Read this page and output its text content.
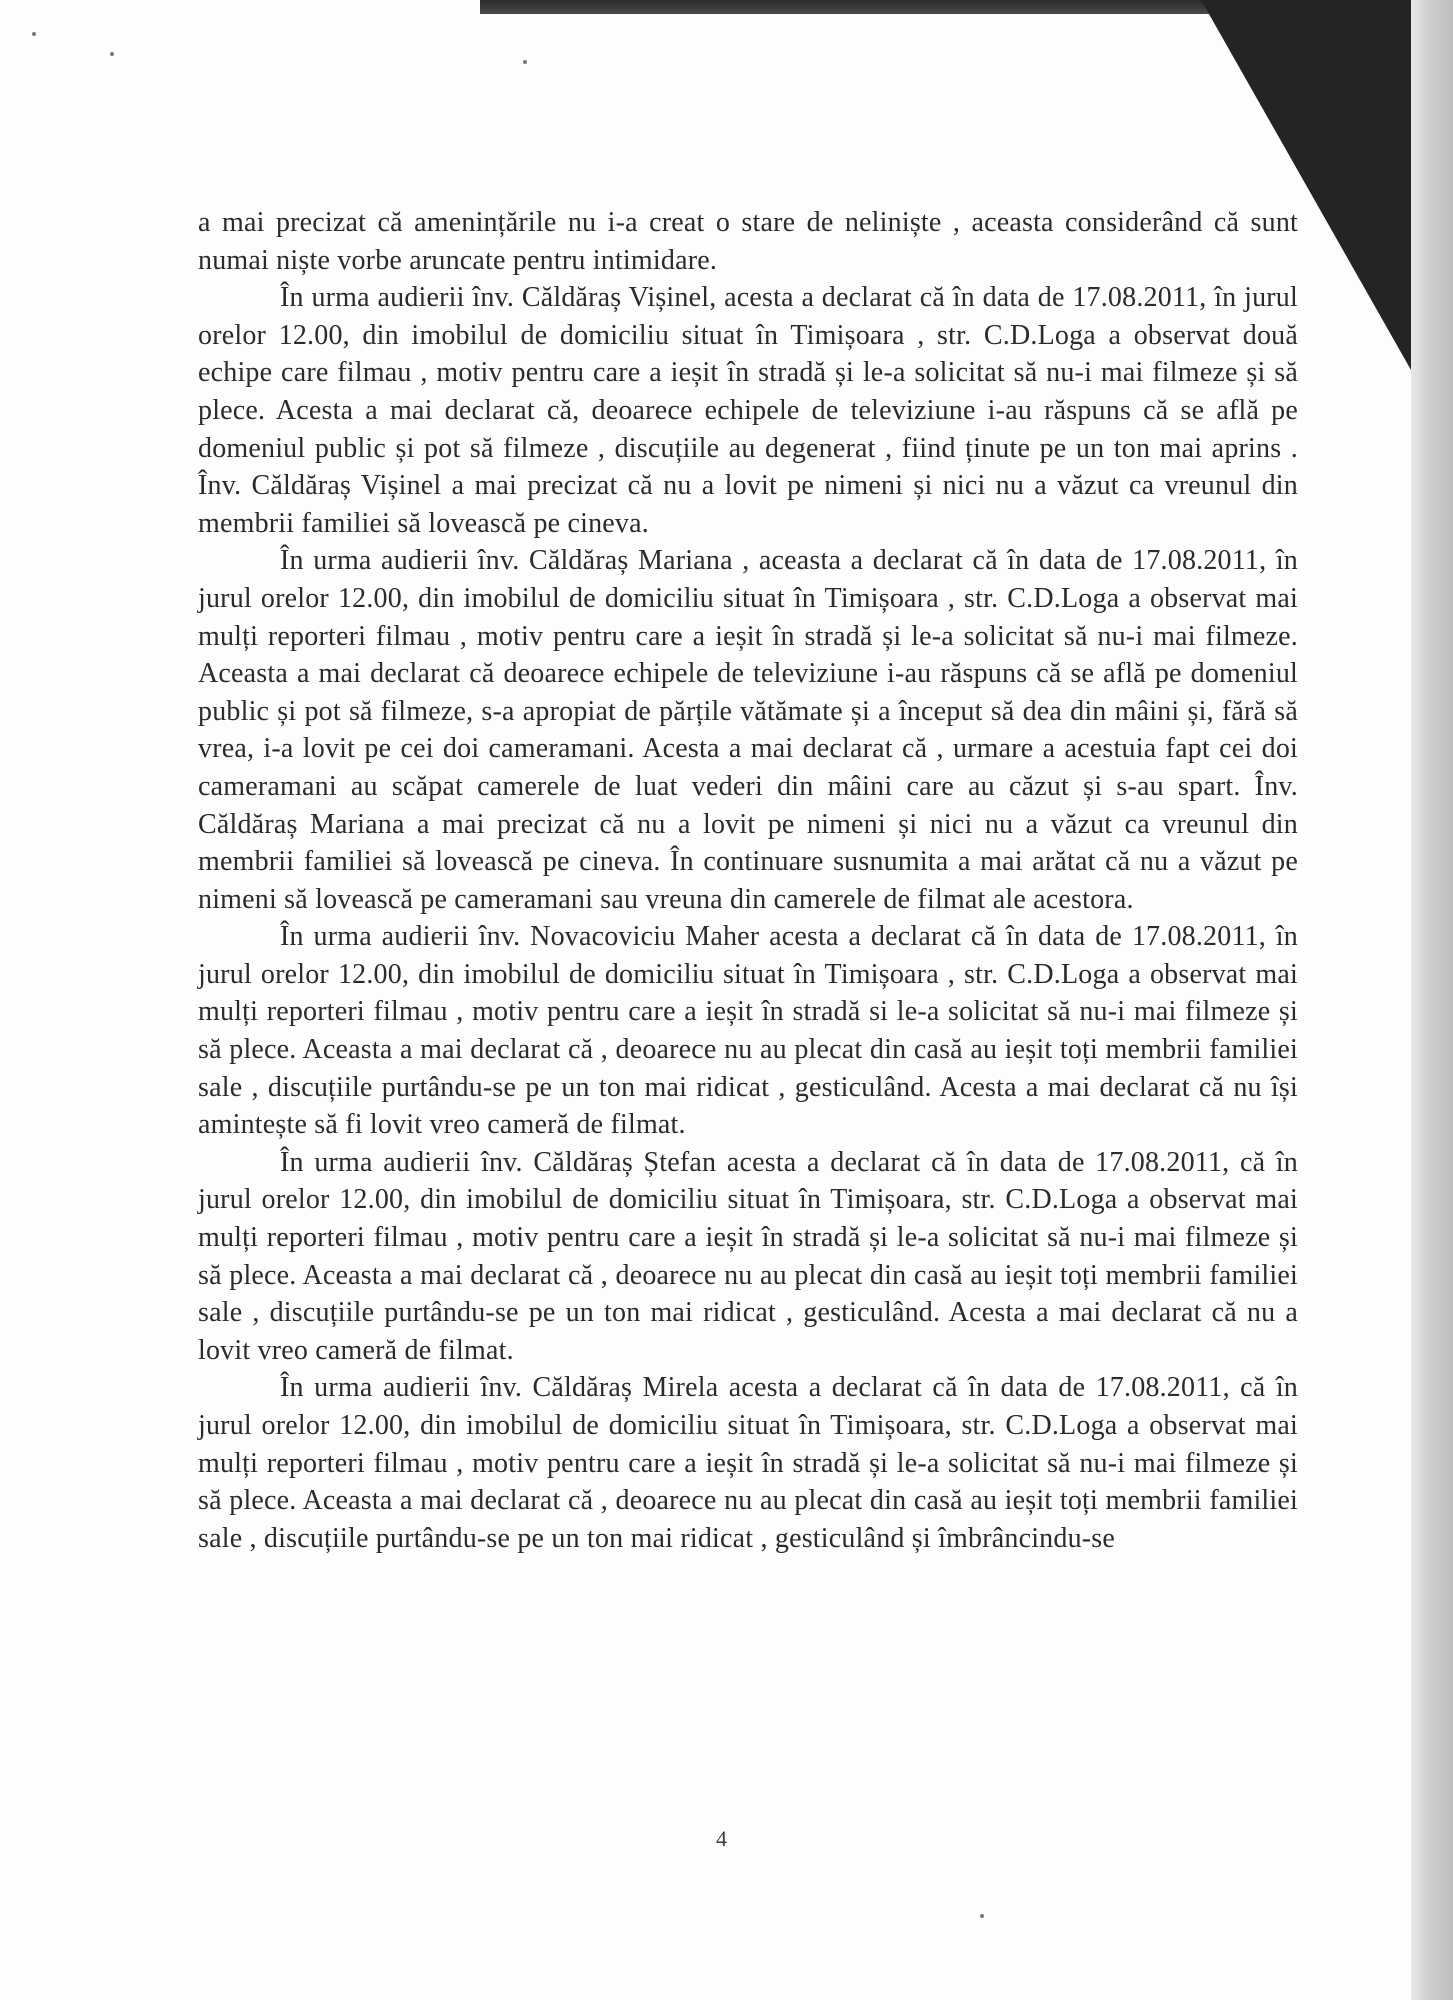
a mai precizat că amenințările nu i-a creat o stare de neliniște , aceasta considerând că sunt numai niște vorbe aruncate pentru intimidare.

În urma audierii înv. Căldăraș Vișinel, acesta a declarat că în data de 17.08.2011, în jurul orelor 12.00, din imobilul de domiciliu situat în Timișoara , str. C.D.Loga a observat două echipe care filmau , motiv pentru care a ieșit în stradă și le-a solicitat să nu-i mai filmeze și să plece. Acesta a mai declarat că, deoarece echipele de televiziune i-au răspuns că se află pe domeniul public și pot să filmeze , discuțiile au degenerat , fiind ținute pe un ton mai aprins . Înv. Căldăraș Vișinel a mai precizat că nu a lovit pe nimeni și nici nu a văzut ca vreunul din membrii familiei să lovească pe cineva.

În urma audierii înv. Căldăraș Mariana , aceasta a declarat că în data de 17.08.2011, în jurul orelor 12.00, din imobilul de domiciliu situat în Timișoara , str. C.D.Loga a observat mai mulți reporteri filmau , motiv pentru care a ieșit în stradă și le-a solicitat să nu-i mai filmeze. Aceasta a mai declarat că deoarece echipele de televiziune i-au răspuns că se află pe domeniul public și pot să filmeze, s-a apropiat de părțile vătămate și a început să dea din mâini și, fără să vrea, i-a lovit pe cei doi cameramani. Acesta a mai declarat că , urmare a acestuia fapt cei doi cameramani au scăpat camerele de luat vederi din mâini care au căzut și s-au spart. Înv. Căldăraș Mariana a mai precizat că nu a lovit pe nimeni și nici nu a văzut ca vreunul din membrii familiei să lovească pe cineva. În continuare susnumita a mai arătat că nu a văzut pe nimeni să lovească pe cameramani sau vreuna din camerele de filmat ale acestora.

În urma audierii înv. Novacoviciu Maher acesta a declarat că în data de 17.08.2011, în jurul orelor 12.00, din imobilul de domiciliu situat în Timișoara , str. C.D.Loga a observat mai mulți reporteri filmau , motiv pentru care a ieșit în stradă si le-a solicitat să nu-i mai filmeze și să plece. Aceasta a mai declarat că , deoarece nu au plecat din casă au ieșit toți membrii familiei sale , discuțiile purtându-se pe un ton mai ridicat , gesticulând. Acesta a mai declarat că nu își amintește să fi lovit vreo cameră de filmat.

În urma audierii înv. Căldăraș Ștefan acesta a declarat că în data de 17.08.2011, că în jurul orelor 12.00, din imobilul de domiciliu situat în Timișoara, str. C.D.Loga a observat mai mulți reporteri filmau , motiv pentru care a ieșit în stradă și le-a solicitat să nu-i mai filmeze și să plece. Aceasta a mai declarat că , deoarece nu au plecat din casă au ieșit toți membrii familiei sale , discuțiile purtându-se pe un ton mai ridicat , gesticulând. Acesta a mai declarat că nu a lovit vreo cameră de filmat.

În urma audierii înv. Căldăraș Mirela acesta a declarat că în data de 17.08.2011, că în jurul orelor 12.00, din imobilul de domiciliu situat în Timișoara, str. C.D.Loga a observat mai mulți reporteri filmau , motiv pentru care a ieșit în stradă și le-a solicitat să nu-i mai filmeze și să plece. Aceasta a mai declarat că , deoarece nu au plecat din casă au ieșit toți membrii familiei sale , discuțiile purtându-se pe un ton mai ridicat , gesticulând și îmbrâncindu-se

4
